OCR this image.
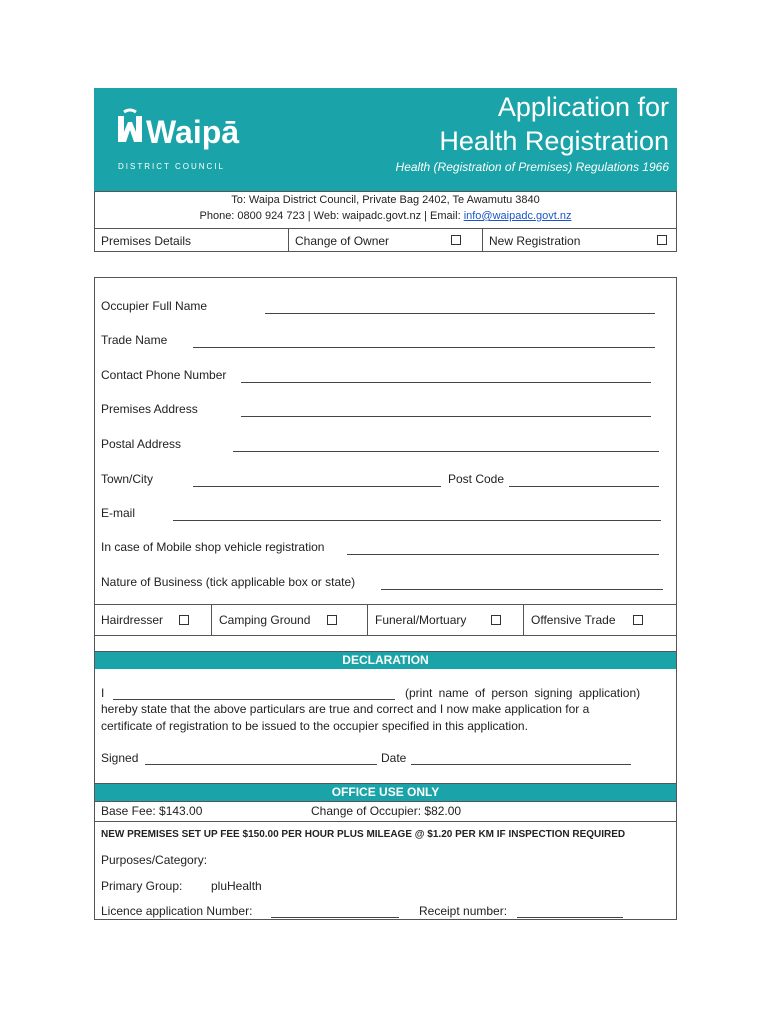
Waipā
DISTRICT COUNCIL
Application for
Health Registration
Health (Registration of Premises) Regulations 1966
To: Waipa District Council, Private Bag 2402, Te Awamutu 3840
Phone: 0800 924 723 | Web: waipadc.govt.nz | Email: info@waipadc.govt.nz
Premises Details	Change of Owner	New Registration
Occupier Full Name
Trade Name
Contact Phone Number
Premises Address
Postal Address
Town/City	Post Code
E-mail
In case of Mobile shop vehicle registration
Nature of Business (tick applicable box or state)
Hairdresser	Camping Ground	Funeral/Mortuary	Offensive Trade
DECLARATION
I	(print name of person signing application)
hereby state that the above particulars are true and correct and I now make application for a
certificate of registration to be issued to the occupier specified in this application.
Signed	Date
OFFICE USE ONLY
Base Fee: $143.00	Change of Occupier: $82.00
NEW PREMISES SET UP FEE $150.00 PER HOUR PLUS MILEAGE @ $1.20 PER KM IF INSPECTION REQUIRED
Purposes/Category:
Primary Group: pluHealth
Licence application Number:	Receipt number:
